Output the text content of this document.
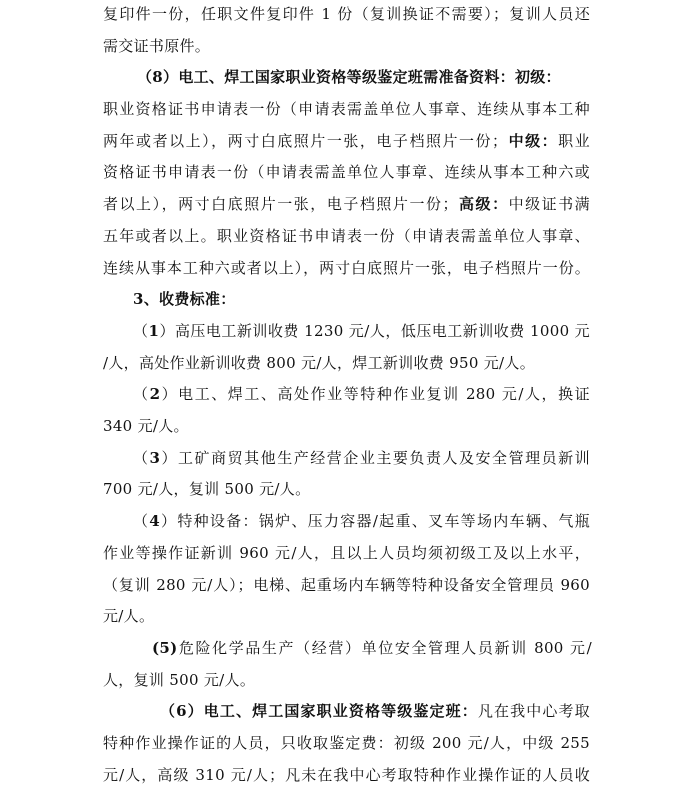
复印件一份，任职文件复印件 1 份（复训换证不需要）；复训人员还
需交证书原件。
（8）电工、焊工国家职业资格等级鉴定班需准备资料：初级：
职业资格证书申请表一份（申请表需盖单位人事章、连续从事本工种
两年或者以上），两寸白底照片一张，电子档照片一份；中级：职业
资格证书申请表一份（申请表需盖单位人事章、连续从事本工种六或
者以上），两寸白底照片一张，电子档照片一份；高级：中级证书满
五年或者以上。职业资格证书申请表一份（申请表需盖单位人事章、
连续从事本工种六或者以上），两寸白底照片一张，电子档照片一份。
3、收费标准：
（1）高压电工新训收费 1230 元/人，低压电工新训收费 1000 元
/人，高处作业新训收费 800 元/人，焊工新训收费 950 元/人。
（2）电工、焊工、高处作业等特种作业复训 280 元/人，换证
340 元/人。
（3）工矿商贸其他生产经营企业主要负责人及安全管理员新训
700 元/人，复训 500 元/人。
（4）特种设备：锅炉、压力容器/起重、叉车等场内车辆、气瓶
作业等操作证新训 960 元/人，且以上人员均须初级工及以上水平，
（复训 280 元/人）；电梯、起重场内车辆等特种设备安全管理员 960
元/人。
(5)危险化学品生产（经营）单位安全管理人员新训 800 元/
人，复训 500 元/人。
（6）电工、焊工国家职业资格等级鉴定班：凡在我中心考取
特种作业操作证的人员，只收取鉴定费：初级 200 元/人，中级 255
元/人，高级 310 元/人；凡未在我中心考取特种作业操作证的人员收
